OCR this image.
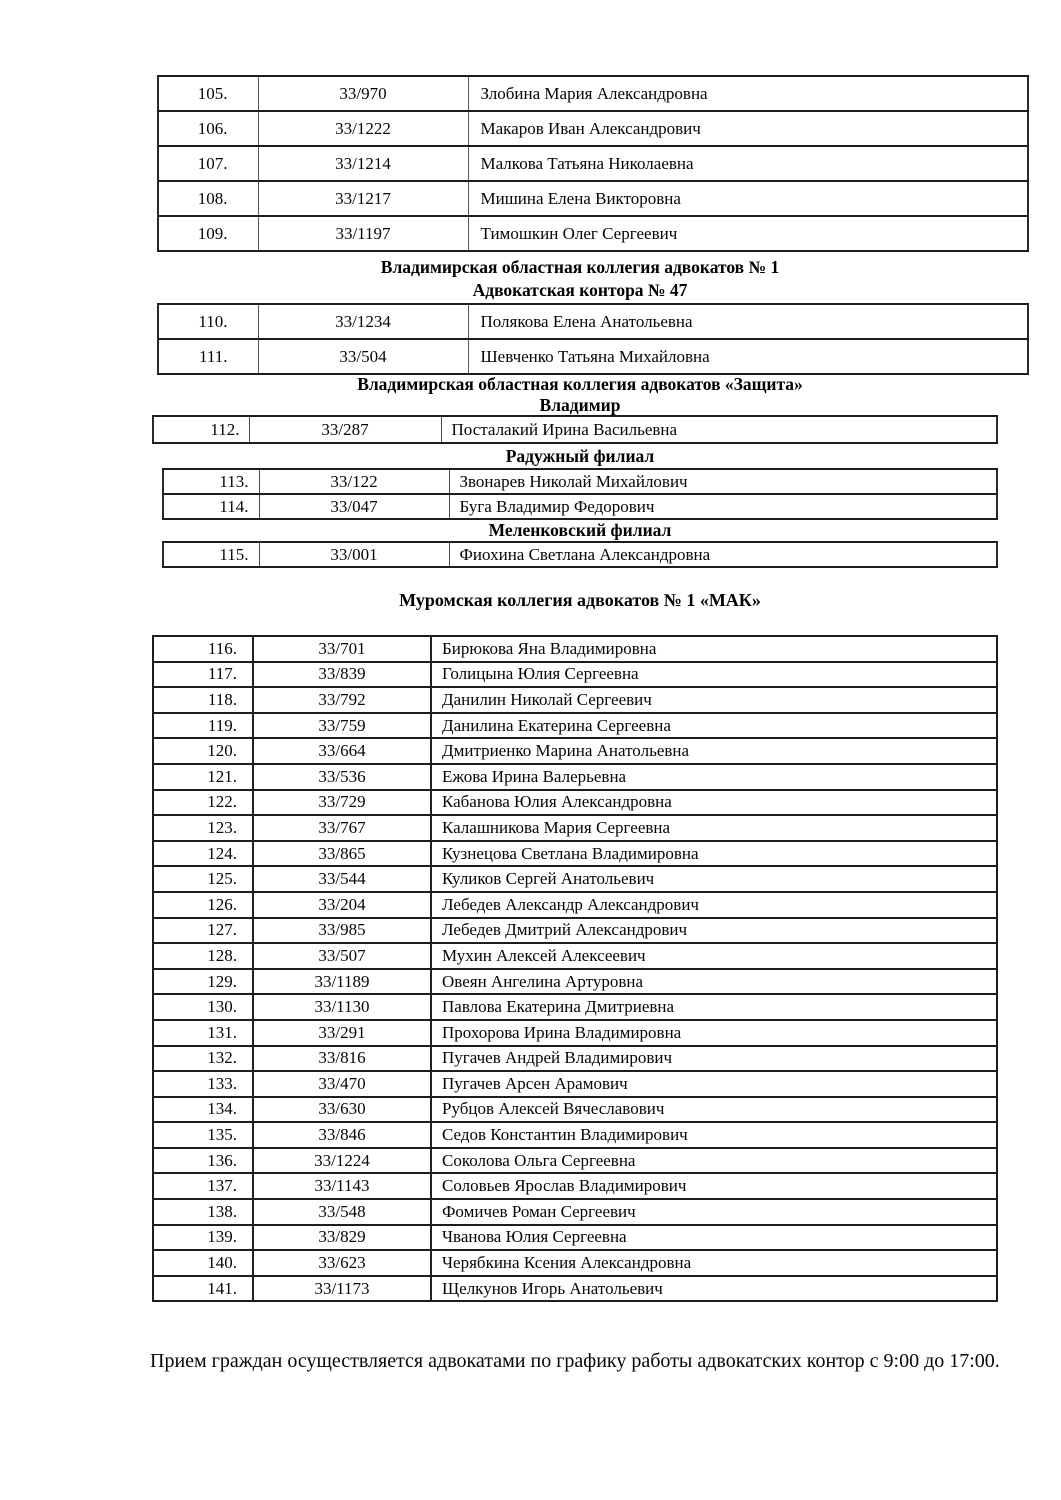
105.	33/970	Злобина Мария Александровна
106.	33/1222	Макаров Иван Александрович
107.	33/1214	Малкова Татьяна Николаевна
108.	33/1217	Мишина Елена Викторовна
109.	33/1197	Тимошкин Олег Сергеевич
Владимирская областная коллегия адвокатов № 1
Адвокатская контора № 47
110.	33/1234	Полякова Елена Анатольевна
111.	33/504	Шевченко Татьяна Михайловна
Владимирская областная коллегия адвокатов «Защита»
Владимир
112.	33/287	Посталакий Ирина Васильевна
Радужный филиал
113.	33/122	Звонарев Николай Михайлович
114.	33/047	Буга Владимир Федорович
Меленковский филиал
115.	33/001	Фиохина Светлана Александровна
Муромская коллегия адвокатов № 1 «МАК»
116.	33/701	Бирюкова Яна Владимировна
117.	33/839	Голицына Юлия Сергеевна
118.	33/792	Данилин Николай Сергеевич
119.	33/759	Данилина Екатерина Сергеевна
120.	33/664	Дмитриенко Марина Анатольевна
121.	33/536	Ежова Ирина Валерьевна
122.	33/729	Кабанова Юлия Александровна
123.	33/767	Калашникова Мария Сергеевна
124.	33/865	Кузнецова Светлана Владимировна
125.	33/544	Куликов Сергей Анатольевич
126.	33/204	Лебедев Александр Александрович
127.	33/985	Лебедев Дмитрий Александрович
128.	33/507	Мухин Алексей Алексеевич
129.	33/1189	Овеян Ангелина Артуровна
130.	33/1130	Павлова Екатерина Дмитриевна
131.	33/291	Прохорова Ирина Владимировна
132.	33/816	Пугачев Андрей Владимирович
133.	33/470	Пугачев Арсен Арамович
134.	33/630	Рубцов Алексей Вячеславович
135.	33/846	Седов Константин Владимирович
136.	33/1224	Соколова Ольга Сергеевна
137.	33/1143	Соловьев Ярослав Владимирович
138.	33/548	Фомичев Роман Сергеевич
139.	33/829	Чванова Юлия Сергеевна
140.	33/623	Черябкина Ксения Александровна
141.	33/1173	Щелкунов Игорь Анатольевич

Прием граждан осуществляется адвокатами по графику работы адвокатских контор с 9:00 до 17:00.
